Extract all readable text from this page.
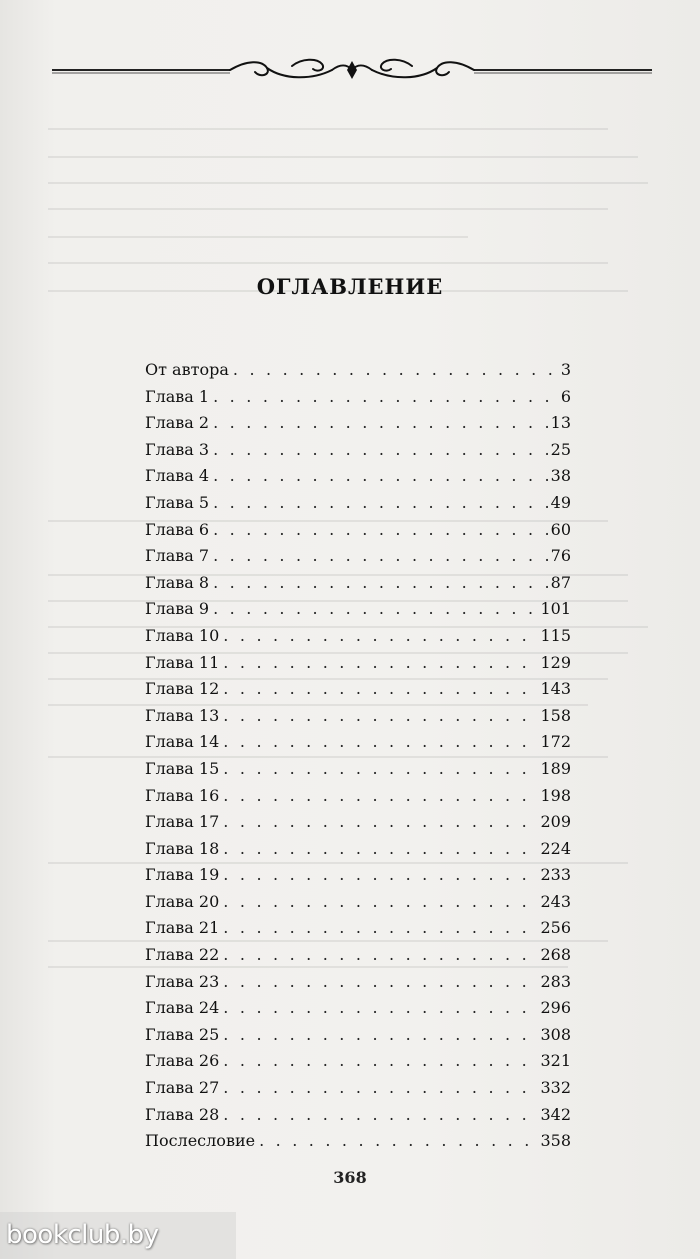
ОГЛАВЛЕНИЕ
От автора . . .	3
Глава 1 . . .	6
Глава 2 . . .	13
Глава 3 . . .	25
Глава 4 . . .	38
Глава 5 . . .	49
Глава 6 . . .	60
Глава 7 . . .	76
Глава 8 . . .	87
Глава 9 . . .	101
Глава 10 . . .	115
Глава 11 . . .	129
Глава 12 . . .	143
Глава 13 . . .	158
Глава 14 . . .	172
Глава 15 . . .	189
Глава 16 . . .	198
Глава 17 . . .	209
Глава 18 . . .	224
Глава 19 . . .	233
Глава 20 . . .	243
Глава 21 . . .	256
Глава 22 . . .	268
Глава 23 . . .	283
Глава 24 . . .	296
Глава 25 . . .	308
Глава 26 . . .	321
Глава 27 . . .	332
Глава 28 . . .	342
Послесловие . . .	358
368
bookclub.by
